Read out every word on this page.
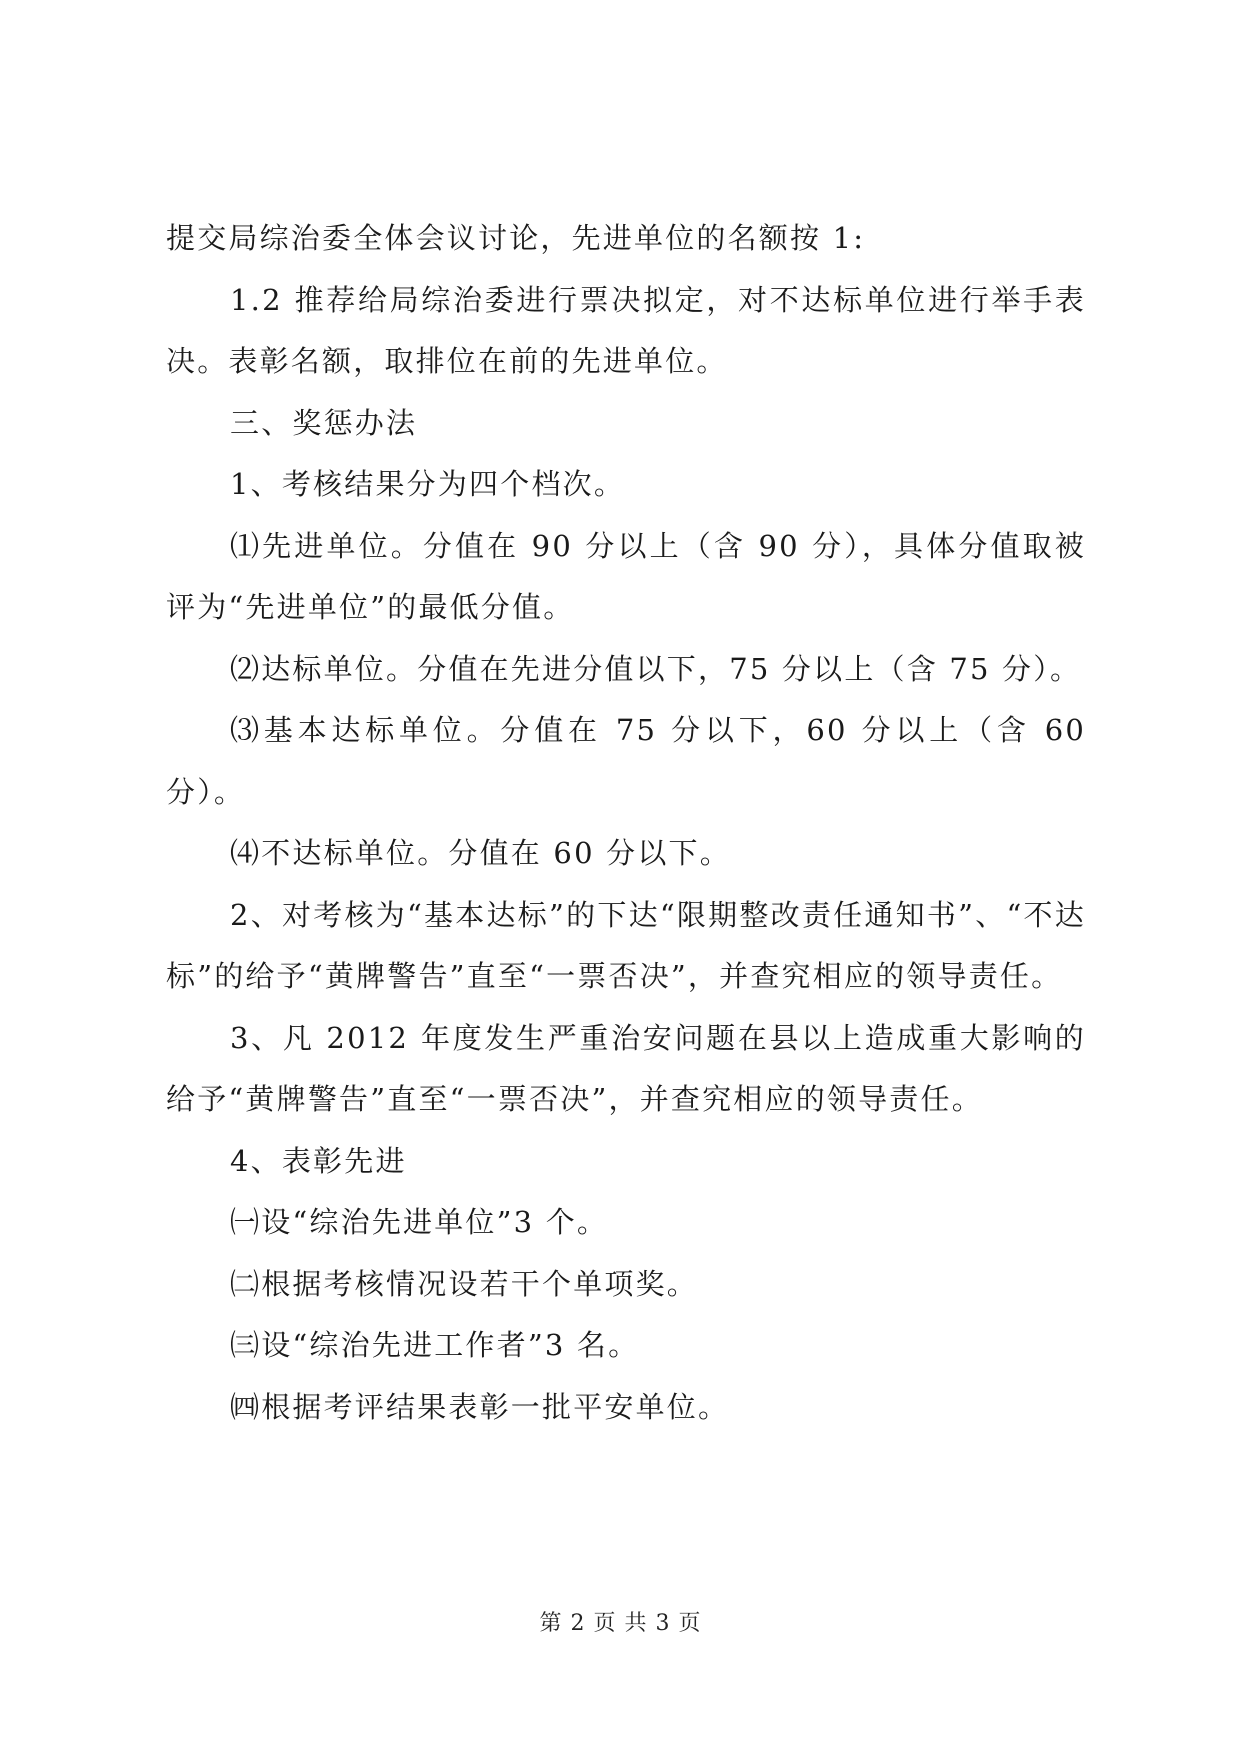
提交局综治委全体会议讨论，先进单位的名额按 1:

1.2 推荐给局综治委进行票决拟定，对不达标单位进行举手表决。表彰名额，取排位在前的先进单位。

三、奖惩办法

1、考核结果分为四个档次。

⑴先进单位。分值在 90 分以上（含 90 分），具体分值取被评为“先进单位”的最低分值。

⑵达标单位。分值在先进分值以下，75 分以上（含 75 分）。

⑶基本达标单位。分值在 75 分以下，60 分以上（含 60 分）。

⑷不达标单位。分值在 60 分以下。

2、对考核为“基本达标”的下达“限期整改责任通知书”、“不达标”的给予“黄牌警告”直至“一票否决”，并查究相应的领导责任。

3、凡 2012 年度发生严重治安问题在县以上造成重大影响的给予“黄牌警告”直至“一票否决”，并查究相应的领导责任。

4、表彰先进

㈠设“综治先进单位”3 个。

㈡根据考核情况设若干个单项奖。

㈢设“综治先进工作者”3 名。

㈣根据考评结果表彰一批平安单位。

第 2 页 共 3 页
